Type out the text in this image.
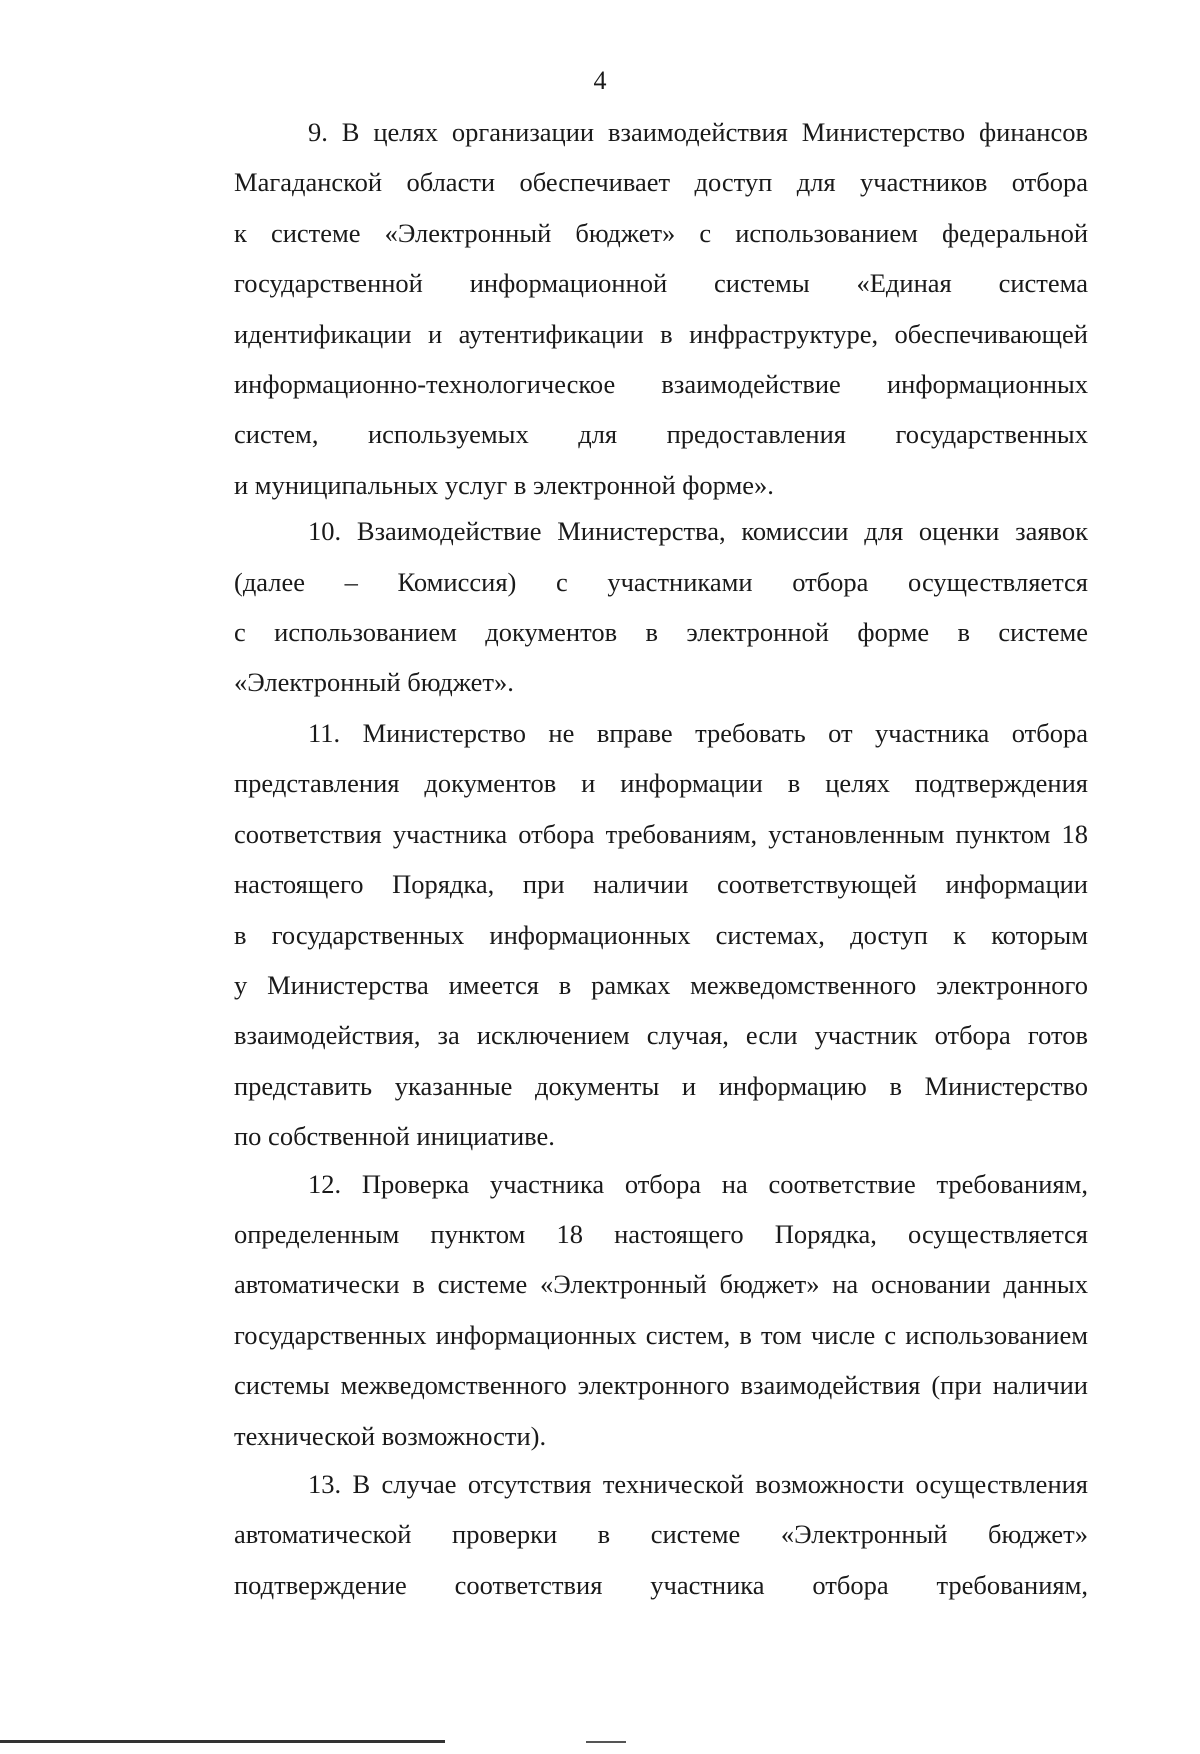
4
9. В целях организации взаимодействия Министерство финансов
Магаданской области обеспечивает доступ для участников отбора
к системе «Электронный бюджет» с использованием федеральной
государственной информационной системы «Единая система
идентификации и аутентификации в инфраструктуре, обеспечивающей
информационно-технологическое взаимодействие информационных
систем, используемых для предоставления государственных
и муниципальных услуг в электронной форме».
10. Взаимодействие Министерства, комиссии для оценки заявок
(далее – Комиссия) с участниками отбора осуществляется
с использованием документов в электронной форме в системе
«Электронный бюджет».
11. Министерство не вправе требовать от участника отбора
представления документов и информации в целях подтверждения
соответствия участника отбора требованиям, установленным пунктом 18
настоящего Порядка, при наличии соответствующей информации
в государственных информационных системах, доступ к которым
у Министерства имеется в рамках межведомственного электронного
взаимодействия, за исключением случая, если участник отбора готов
представить указанные документы и информацию в Министерство
по собственной инициативе.
12. Проверка участника отбора на соответствие требованиям,
определенным пунктом 18 настоящего Порядка, осуществляется
автоматически в системе «Электронный бюджет» на основании данных
государственных информационных систем, в том числе с использованием
системы межведомственного электронного взаимодействия (при наличии
технической возможности).
13. В случае отсутствия технической возможности осуществления
автоматической проверки в системе «Электронный бюджет»
подтверждение соответствия участника отбора требованиям,
